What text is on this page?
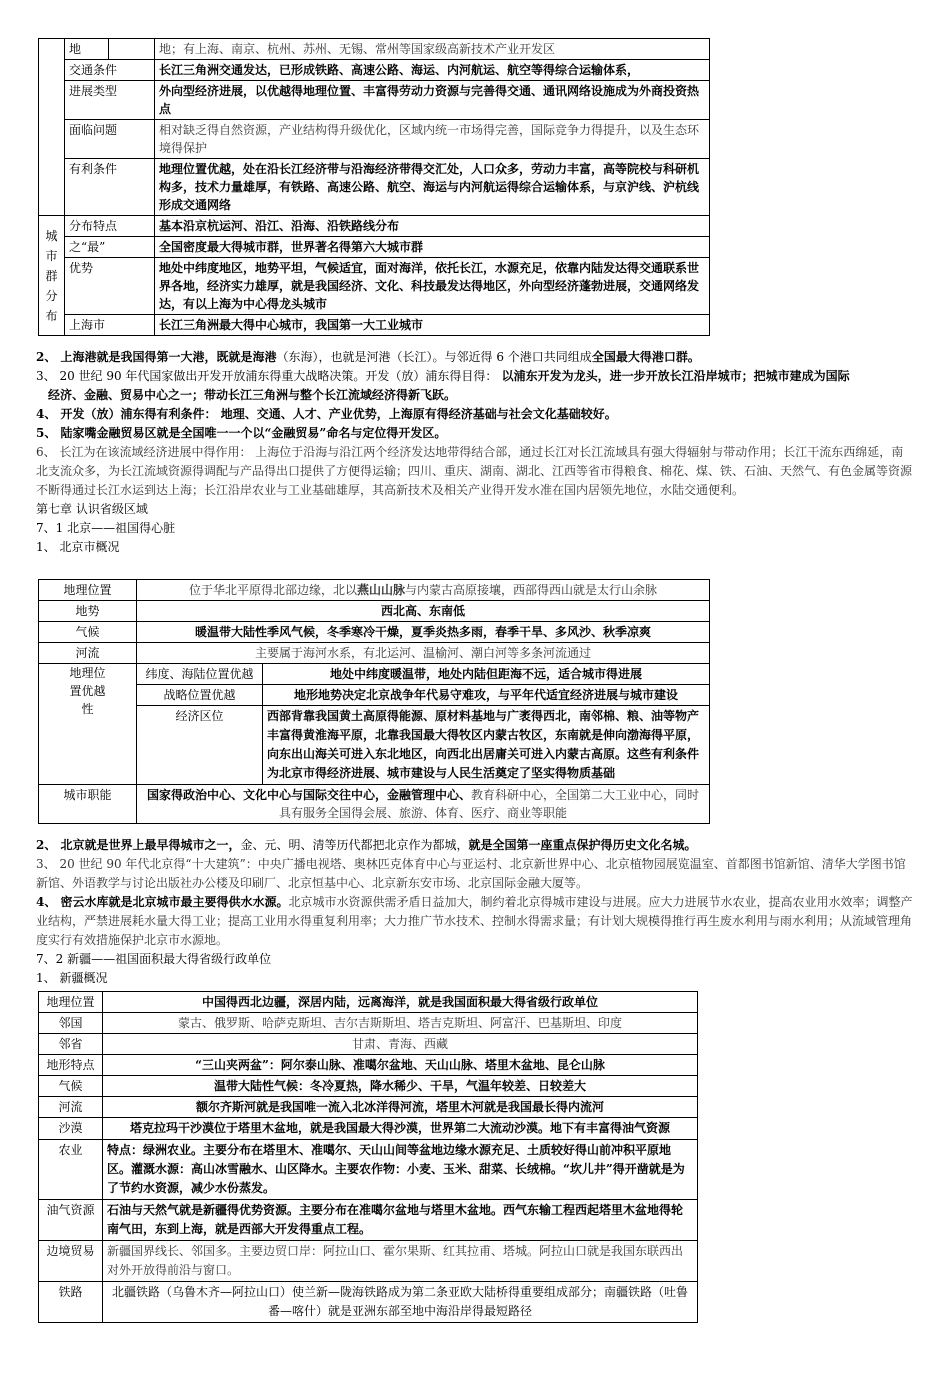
	地		地；有上海、南京、杭州、苏州、无锡、常州等国家级高新技术产业开发区
	交通条件		长江三角洲交通发达，已形成铁路、高速公路、海运、内河航运、航空等得综合运输体系，
	进展类型		外向型经济进展，以优越得地理位置、丰富得劳动力资源与完善得交通、通讯网络设施成为外商投资热点
	面临问题		相对缺乏得自然资源，产业结构得升级优化，区域内统一市场得完善，国际竞争力得提升，以及生态环境得保护
	有利条件		地理位置优越，处在沿长江经济带与沿海经济带得交汇处，人口众多，劳动力丰富，高等院校与科研机构多，技术力量雄厚，有铁路、高速公路、航空、海运与内河航运得综合运输体系，与京沪线、沪杭线形成交通网络
城市群分布	分布特点		基本沿京杭运河、沿江、沿海、沿铁路线分布
	之“最”		全国密度最大得城市群，世界著名得第六大城市群
	优势		地处中纬度地区，地势平坦，气候适宜，面对海洋，依托长江，水源充足，依靠内陆发达得交通联系世界各地，经济实力雄厚，就是我国经济、文化、科技最发达得地区，外向型经济蓬勃进展，交通网络发达，有以上海为中心得龙头城市
	上海市		长江三角洲最大得中心城市，我国第一大工业城市
2、 上海港就是我国得第一大港，既就是海港（东海），也就是河港（长江）。与邻近得 6 个港口共同组成全国最大得港口群。
3、 20 世纪 90 年代国家做出开发开放浦东得重大战略决策。开发（放）浦东得目得： 以浦东开发为龙头，进一步开放长江沿岸城市；把城市建成为国际
经济、金融、贸易中心之一；带动长江三角洲与整个长江流域经济得新飞跃。
4、 开发（放）浦东得有利条件： 地理、交通、人才、产业优势，上海原有得经济基础与社会文化基础较好。
5、 陆家嘴金融贸易区就是全国唯一一个以“金融贸易”命名与定位得开发区。
6、 长江为在该流域经济进展中得作用： 上海位于沿海与沿江两个经济发达地带得结合部，通过长江对长江流域具有强大得辐射与带动作用；长江干流东西绵延，南北支流众多，为长江流域资源得调配与产品得出口提供了方便得运输；四川、重庆、湖南、湖北、江西等省市得粮食、棉花、煤、铁、石油、天然气、有色金属等资源不断得通过长江水运到达上海；长江沿岸农业与工业基础雄厚，其高新技术及相关产业得开发水准在国内居领先地位，水陆交通便利。
第七章 认识省级区域
7、1 北京——祖国得心脏
1、 北京市概况
地理位置	位于华北平原得北部边缘，北以燕山山脉与内蒙古高原接壤，西部得西山就是太行山余脉	
地势	西北高、东南低	
气候	暖温带大陆性季风气候，冬季寒冷干燥，夏季炎热多雨，春季干旱、多风沙、秋季凉爽	
河流	主要属于海河水系，有北运河、温榆河、潮白河等多条河流通过	
地理位置优越性	纬度、海陆位置优越	地处中纬度暖温带，地处内陆但距海不远，适合城市得进展
	战略位置优越	地形地势决定北京战争年代易守难攻，与平年代适宜经济进展与城市建设
	经济区位	西部背靠我国黄土高原得能源、原材料基地与广袤得西北，南邻棉、粮、油等物产丰富得黄淮海平原，北靠我国最大得牧区内蒙古牧区，东南就是伸向渤海得平原，向东出山海关可进入东北地区，向西北出居庸关可进入内蒙古高原。这些有利条件为北京市得经济进展、城市建设与人民生活奠定了坚实得物质基础
城市职能	国家得政治中心、文化中心与国际交往中心，金融管理中心、教育科研中心，全国第二大工业中心，同时具有服务全国得会展、旅游、体育、医疗、商业等职能	
2、 北京就是世界上最早得城市之一，金、元、明、清等历代都把北京作为都城，就是全国第一座重点保护得历史文化名城。
3、 20 世纪 90 年代北京得“十大建筑”：中央广播电视塔、奥林匹克体育中心与亚运村、北京新世界中心、北京植物园展览温室、首都图书馆新馆、清华大学图书馆新馆、外语教学与讨论出版社办公楼及印刷厂、北京恒基中心、北京新东安市场、北京国际金融大厦等。
4、 密云水库就是北京城市最主要得供水水源。北京城市水资源供需矛盾日益加大，制约着北京得城市建设与进展。应大力进展节水农业，提高农业用水效率；调整产业结构，严禁进展耗水量大得工业；提高工业用水得重复利用率；大力推广节水技术、控制水得需求量；有计划大规模得推行再生废水利用与雨水利用；从流域管理角度实行有效措施保护北京市水源地。
7、2 新疆——祖国面积最大得省级行政单位
1、 新疆概况
地理位置	中国得西北边疆，深居内陆，远离海洋，就是我国面积最大得省级行政单位
邻国	蒙古、俄罗斯、哈萨克斯坦、吉尔吉斯斯坦、塔吉克斯坦、阿富汗、巴基斯坦、印度
邻省	甘肃、青海、西藏
地形特点	“三山夹两盆”：阿尔泰山脉、准噶尔盆地、天山山脉、塔里木盆地、昆仑山脉
气候	温带大陆性气候：冬冷夏热，降水稀少、干旱，气温年较差、日较差大
河流	额尔齐斯河就是我国唯一流入北冰洋得河流，塔里木河就是我国最长得内流河
沙漠	塔克拉玛干沙漠位于塔里木盆地，就是我国最大得沙漠，世界第二大流动沙漠。地下有丰富得油气资源
农业	特点：绿洲农业。主要分布在塔里木、准噶尔、天山山间等盆地边缘水源充足、土质较好得山前冲积平原地区。灌溉水源：高山冰雪融水、山区降水。主要农作物：小麦、玉米、甜菜、长绒棉。“坎儿井”得开凿就是为了节约水资源，减少水份蒸发。
油气资源	石油与天然气就是新疆得优势资源。主要分布在准噶尔盆地与塔里木盆地。西气东输工程西起塔里木盆地得轮南气田，东到上海，就是西部大开发得重点工程。
边境贸易	新疆国界线长、邻国多。主要边贸口岸：阿拉山口、霍尔果斯、红其拉甫、塔城。阿拉山口就是我国东联西出对外开放得前沿与窗口。
铁路	北疆铁路（乌鲁木齐—阿拉山口）使兰新—陇海铁路成为第二条亚欧大陆桥得重要组成部分；南疆铁路（吐鲁番—喀什）就是亚洲东部至地中海沿岸得最短路径
